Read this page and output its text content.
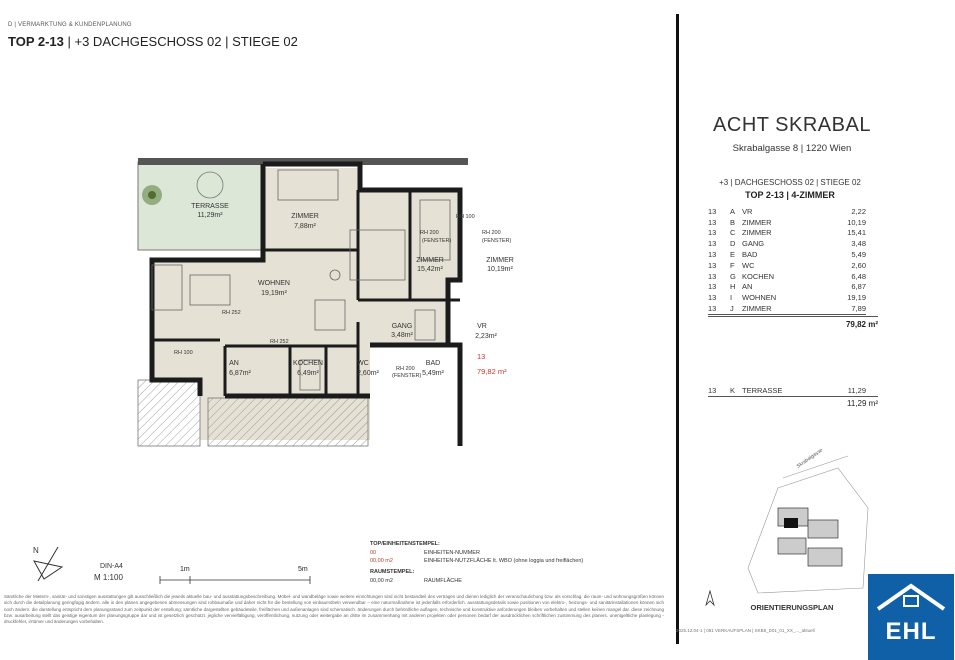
D | VERMARKTUNG & KUNDENPLANUNG
TOP 2-13 | +3 DACHGESCHOSS 02 | STIEGE 02
TERRASSE
11,29m²	ZIMMER
7,88m²
ZIMMER
15,42m²
ZIMMER
10,19m²
WOHNEN
19,19m²
GANG
3,48m²
VR
2,23m²
AN
6,87m²
KOCHEN
6,49m²
WC
2,60m²
BAD
5,49m²
RH 200
(FENSTER)
RH 200
(FENSTER)
RH 100
RH 100
RH 252
RH 252
RH 200
(FENSTER)
13
79,82 m²
ACHT SKRABAL
Skrabalgasse 8 | 1220 Wien
+3 | DACHGESCHOSS 02 | STIEGE 02
TOP 2-13 | 4-ZIMMER
13	A	VR	2,22
13	B	ZIMMER	10,19
13	C	ZIMMER	15,41
13	D	GANG	3,48
13	E	BAD	5,49
13	F	WC	2,60
13	G	KOCHEN	6,48
13	H	AN	6,87
13	I	WOHNEN	19,19
13	J	ZIMMER	7,89
79,82 m²
13	K	TERRASSE	11,29
11,29 m²
Skrabalgasse
ORIENTIERUNGSPLAN
2025.12.04-1 | 081 VERKAUFSPLAN | SKB8_D01_01_XX_..._aktuell	EHL
N
DIN-A4
M 1:100
1m	5m
TOP/EINHEITENSTEMPEL:
00	EINHEITEN-NUMMER
00,00 m2	EINHEITEN-NUTZFLÄCHE lt. WBO (ohne loggia und freiflächen)
RAUMSTEMPEL:
00,00 m2	RAUMFLÄCHE
Sämtliche der Mietern-, sanitär- und sonstigen ausstattungen gilt ausschließlich die jeweils aktuelle bau- und ausstattungsbeschreibung. Möbel- und wandbeläge sowie weitere einrichtungen sind nicht bestandteil des vertrages und dienen lediglich der veranschaulichung bzw. als vorschlag. die raum- und wohnungsgrößen können sich durch die detailplanung geringfügig ändern. alle in den plänen angegebenen abmessungen sind rohbaumaße und daher nicht für die bestellung von einbaumöbeln verwendbar – eine naturmaßnahme ist jedenfalls erforderlich. ausstattungsdetails sowie positionen von elektro-, heizungs- und sanitärinstallationen können sich noch ändern. die darstellung entspricht dem planungsstand zum zeitpunkt der erstellung; sämtliche dargestellten gebäudeteile, freiflächen und außenanlagen sind schematisch. änderungen durch behördliche auflagen, technische und konstruktive anforderungen bleiben vorbehalten und stellen keinen mangel dar. diese zeichnung bzw. ausarbeitung stellt das geistige eigentum der planungsgruppe dar und ist gesetzlich geschützt. jegliche vervielfältigung, veröffentlichung, nutzung oder weitergabe an dritte im zusammenhang mit anderen projekten oder personen bedarf der ausdrücklichen schriftlichen zustimmung des planers. unentgeltliche planlegung - druckfehler, irrtümer und änderungen vorbehalten.
